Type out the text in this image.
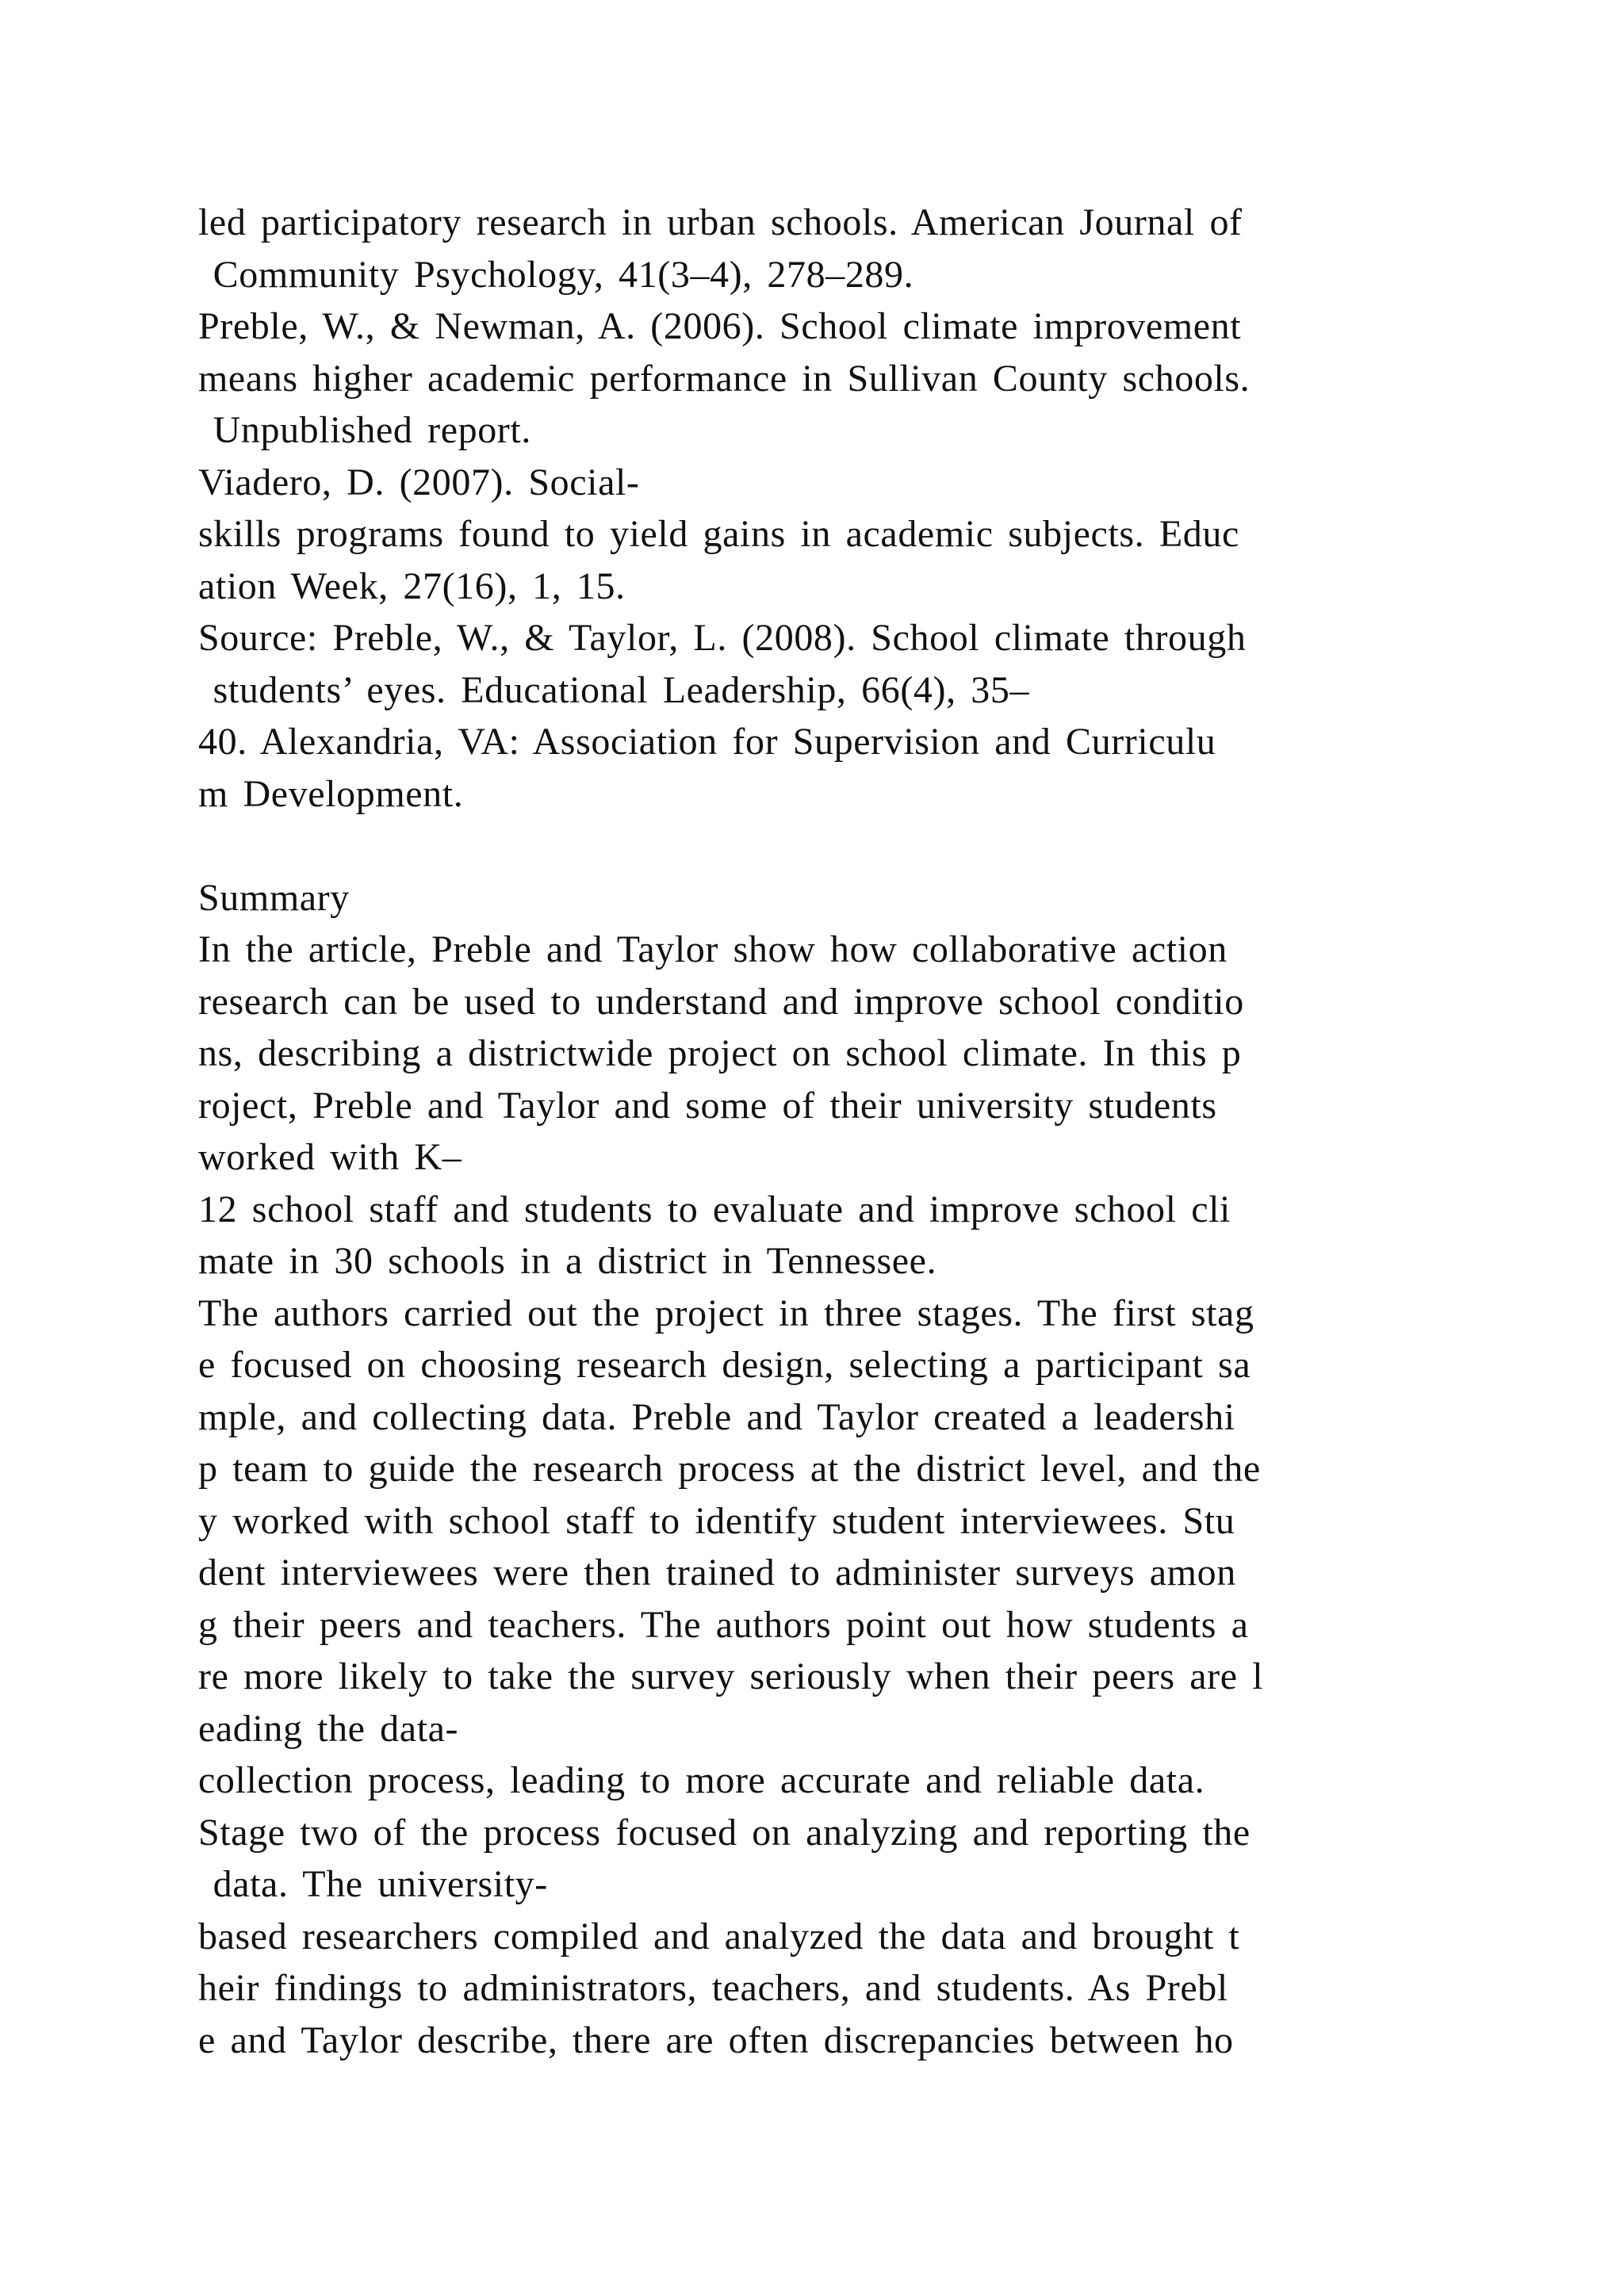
led participatory research in urban schools. American Journal of
Community Psychology, 41(3–4), 278–289.
Preble, W., & Newman, A. (2006). School climate improvement
means higher academic performance in Sullivan County schools.
Unpublished report.
Viadero, D. (2007). Social-
skills programs found to yield gains in academic subjects. Educ
ation Week, 27(16), 1, 15.
Source: Preble, W., & Taylor, L. (2008). School climate through
students’ eyes. Educational Leadership, 66(4), 35–
40. Alexandria, VA: Association for Supervision and Curriculu
m Development.
Summary
In the article, Preble and Taylor show how collaborative action
research can be used to understand and improve school conditio
ns, describing a districtwide project on school climate. In this p
roject, Preble and Taylor and some of their university students
worked with K–
12 school staff and students to evaluate and improve school cli
mate in 30 schools in a district in Tennessee.
The authors carried out the project in three stages. The first stag
e focused on choosing research design, selecting a participant sa
mple, and collecting data. Preble and Taylor created a leadershi
p team to guide the research process at the district level, and the
y worked with school staff to identify student interviewees. Stu
dent interviewees were then trained to administer surveys amon
g their peers and teachers. The authors point out how students a
re more likely to take the survey seriously when their peers are l
eading the data-
collection process, leading to more accurate and reliable data.
Stage two of the process focused on analyzing and reporting the
data. The university-
based researchers compiled and analyzed the data and brought t
heir findings to administrators, teachers, and students. As Prebl
e and Taylor describe, there are often discrepancies between ho
